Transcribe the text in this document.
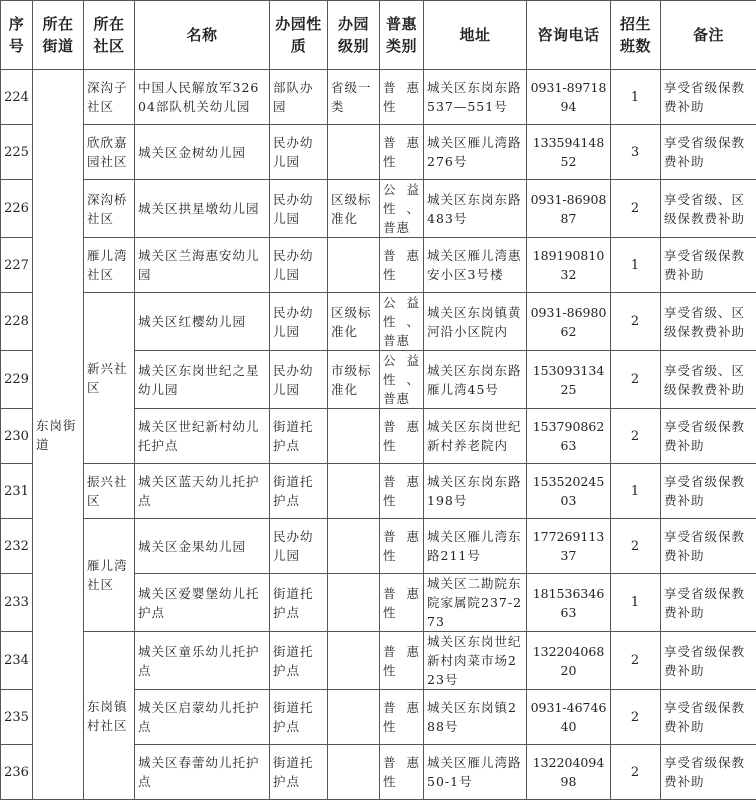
序号	所在街道	所在社区	名称	办园性质	办园级别	普惠类别	地址	咨询电话	招生班数	备注
224	东岗街道	深沟子社区	中国人民解放军32604部队机关幼儿园	部队办园	省级一类	普惠性	城关区东岗东路537—551号	0931-8971894	1	享受省级保教费补助
225		欣欣嘉园社区	城关区金树幼儿园	民办幼儿园		普惠性	城关区雁儿湾路276号	13359414852	3	享受省级保教费补助
226		深沟桥社区	城关区拱星墩幼儿园	民办幼儿园	区级标准化	公益性、普惠	城关区东岗东路483号	0931-8690887	2	享受省级、区级保教费补助
227		雁儿湾社区	城关区兰海惠安幼儿园	民办幼儿园		普惠性	城关区雁儿湾惠安小区3号楼	18919081032	1	享受省级保教费补助
228		新兴社区	城关区红樱幼儿园	民办幼儿园	区级标准化	公益性、普惠	城关区东岗镇黄河沿小区院内	0931-8698062	2	享受省级、区级保教费补助
229			城关区东岗世纪之星幼儿园	民办幼儿园	市级标准化	公益性、普惠	城关区东岗东路雁儿湾45号	15309313425	2	享受省级、区级保教费补助
230			城关区世纪新村幼儿托护点	街道托护点		普惠性	城关区东岗世纪新村养老院内	15379086263	2	享受省级保教费补助
231		振兴社区	城关区蓝天幼儿托护点	街道托护点		普惠性	城关区东岗东路198号	15352024503	1	享受省级保教费补助
232		雁儿湾社区	城关区金果幼儿园	民办幼儿园		普惠性	城关区雁儿湾东路211号	17726911337	2	享受省级保教费补助
233			城关区爱婴堡幼儿托护点	街道托护点		普惠性	城关区二勘院东院家属院237-273	18153634663	1	享受省级保教费补助
234		东岗镇村社区	城关区童乐幼儿托护点	街道托护点		普惠性	城关区东岗世纪新村肉菜市场223号	13220406820	2	享受省级保教费补助
235			城关区启蒙幼儿托护点	街道托护点		普惠性	城关区东岗镇288号	0931-4674640	2	享受省级保教费补助
236			城关区春蕾幼儿托护点	街道托护点		普惠性	城关区雁儿湾路50-1号	13220409498	2	享受省级保教费补助
